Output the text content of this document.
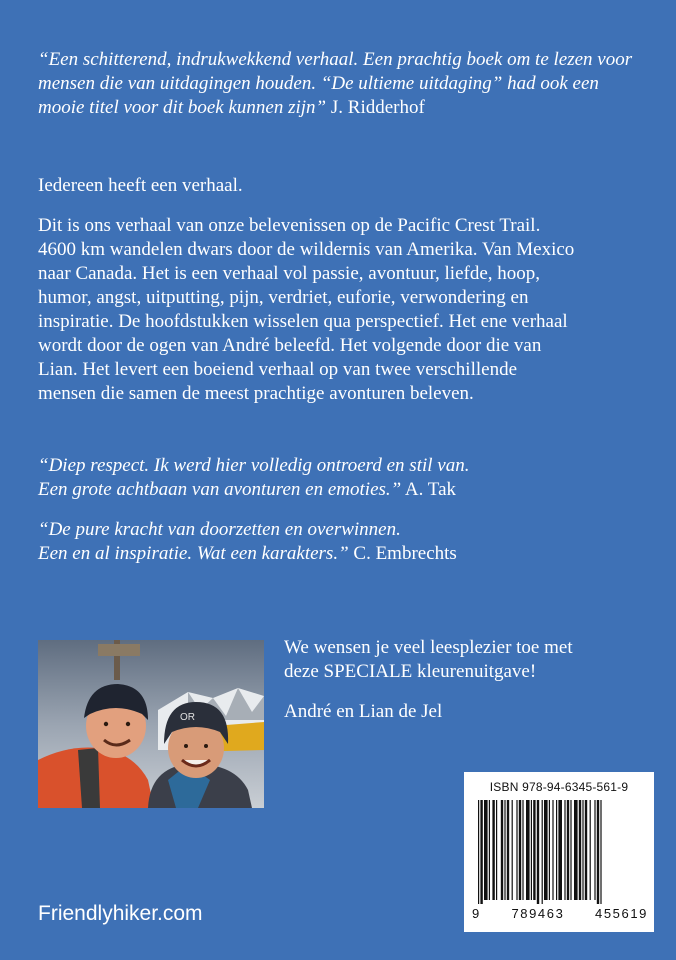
“Een schitterend, indrukwekkend verhaal. Een prachtig boek om te lezen voor
mensen die van uitdagingen houden. “De ultieme uitdaging” had ook een
mooie titel voor dit boek kunnen zijn” J. Ridderhof
Iedereen heeft een verhaal.
Dit is ons verhaal van onze belevenissen op de Pacific Crest Trail.
4600 km wandelen dwars door de wildernis van Amerika. Van Mexico
naar Canada. Het is een verhaal vol passie, avontuur, liefde, hoop,
humor, angst, uitputting, pijn, verdriet, euforie, verwondering en
inspiratie. De hoofdstukken wisselen qua perspectief. Het ene verhaal
wordt door de ogen van André beleefd. Het volgende door die van
Lian. Het levert een boeiend verhaal op van twee verschillende
mensen die samen de meest prachtige avonturen beleven.
“Diep respect. Ik werd hier volledig ontroerd en stil van.
Een grote achtbaan van avonturen en emoties.” A. Tak
“De pure kracht van doorzetten en overwinnen.
Een en al inspiratie. Wat een karakters.” C. Embrechts
OR

We wensen je veel leesplezier toe met
deze SPECIALE kleurenuitgave!

André en Lian de Jel

ISBN 978-94-6345-561-9
9 789463 455619
Friendlyhiker.com
